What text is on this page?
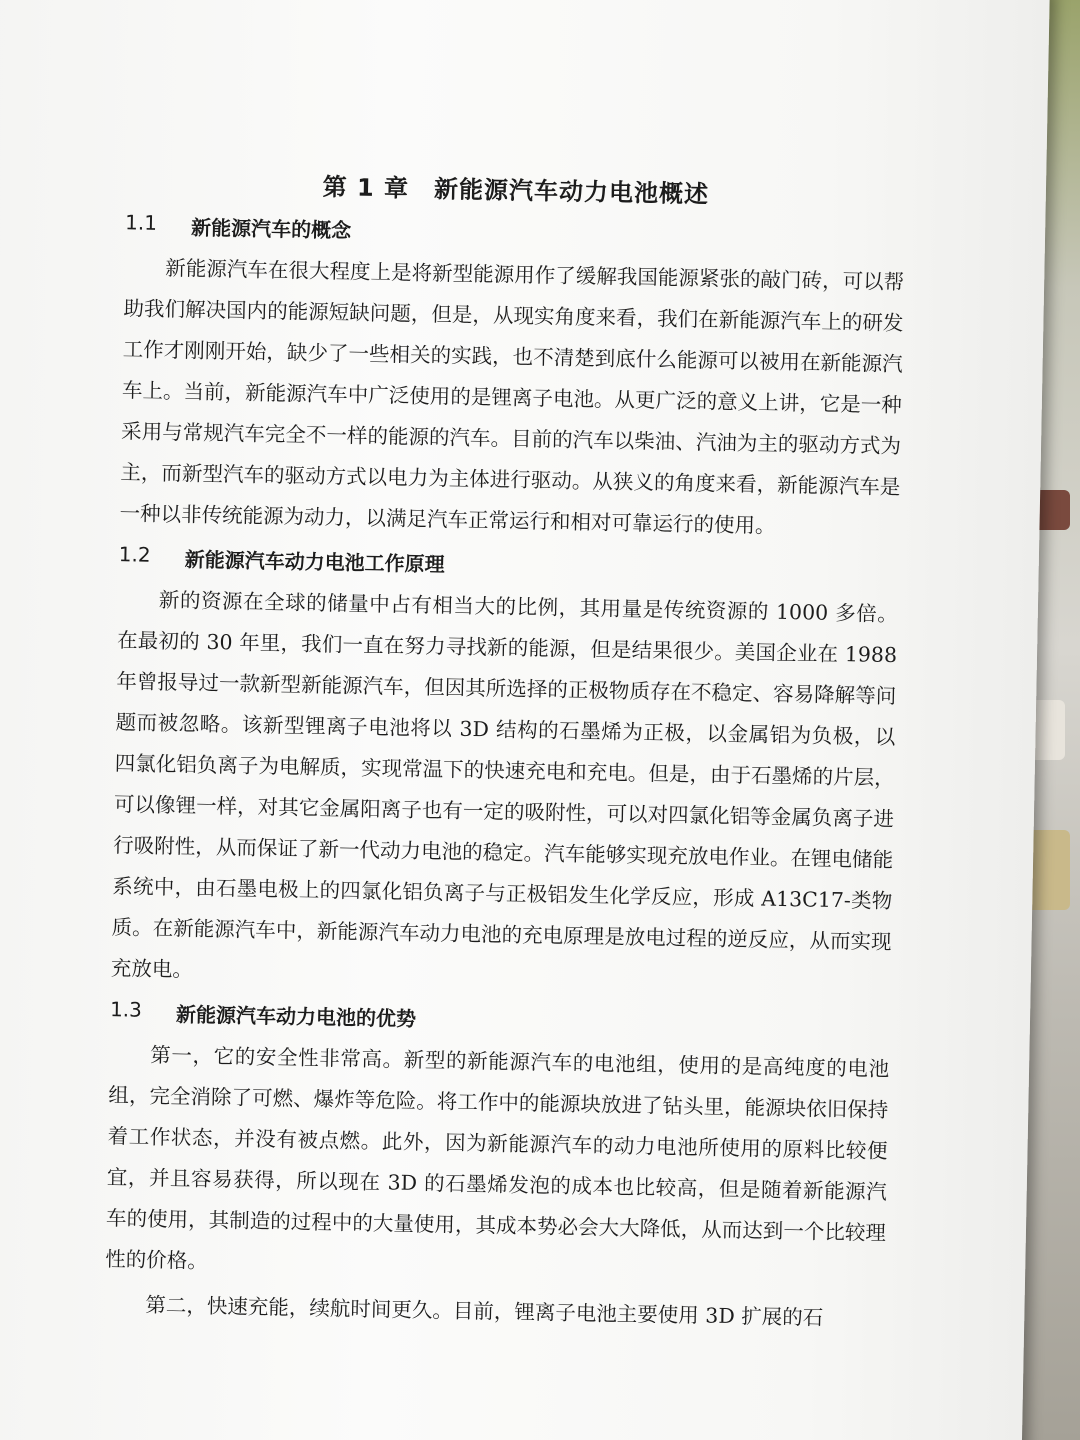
第 1 章　新能源汽车动力电池概述
1.1 新能源汽车的概念

新能源汽车在很大程度上是将新型能源用作了缓解我国能源紧张的敲门砖，可以帮助我们解决国内的能源短缺问题，但是，从现实角度来看，我们在新能源汽车上的研发工作才刚刚开始，缺少了一些相关的实践，也不清楚到底什么能源可以被用在新能源汽车上。当前，新能源汽车中广泛使用的是锂离子电池。从更广泛的意义上讲，它是一种采用与常规汽车完全不一样的能源的汽车。目前的汽车以柴油、汽油为主的驱动方式为主，而新型汽车的驱动方式以电力为主体进行驱动。从狭义的角度来看，新能源汽车是一种以非传统能源为动力，以满足汽车正常运行和相对可靠运行的使用。

1.2 新能源汽车动力电池工作原理

新的资源在全球的储量中占有相当大的比例，其用量是传统资源的 1000 多倍。在最初的 30 年里，我们一直在努力寻找新的能源，但是结果很少。美国企业在 1988 年曾报导过一款新型新能源汽车，但因其所选择的正极物质存在不稳定、容易降解等问题而被忽略。该新型锂离子电池将以 3D 结构的石墨烯为正极，以金属铝为负极，以四氯化铝负离子为电解质，实现常温下的快速充电和充电。但是，由于石墨烯的片层，可以像锂一样，对其它金属阳离子也有一定的吸附性，可以对四氯化铝等金属负离子进行吸附性，从而保证了新一代动力电池的稳定。汽车能够实现充放电作业。在锂电储能系统中，由石墨电极上的四氯化铝负离子与正极铝发生化学反应，形成 A13C17-类物质。在新能源汽车中，新能源汽车动力电池的充电原理是放电过程的逆反应，从而实现充放电。

1.3 新能源汽车动力电池的优势

第一，它的安全性非常高。新型的新能源汽车的电池组，使用的是高纯度的电池组，完全消除了可燃、爆炸等危险。将工作中的能源块放进了钻头里，能源块依旧保持着工作状态，并没有被点燃。此外，因为新能源汽车的动力电池所使用的原料比较便宜，并且容易获得，所以现在 3D 的石墨烯发泡的成本也比较高，但是随着新能源汽车的使用，其制造的过程中的大量使用，其成本势必会大大降低，从而达到一个比较理性的价格。

第二，快速充能，续航时间更久。目前，锂离子电池主要使用 3D 扩展的石
